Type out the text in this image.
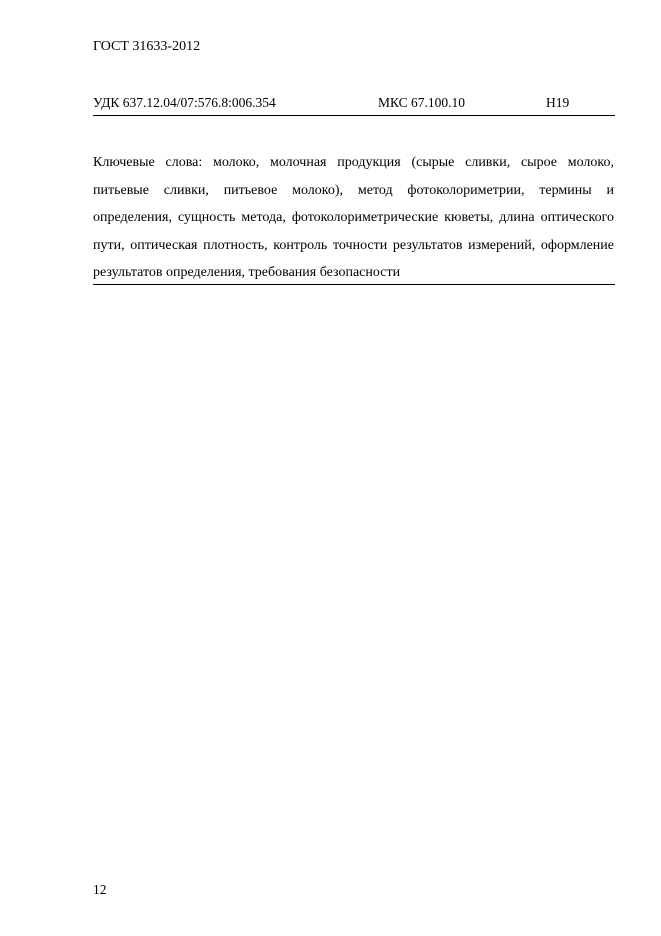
ГОСТ 31633-2012
УДК 637.12.04/07:576.8:006.354	МКС 67.100.10	Н19
Ключевые слова: молоко, молочная продукция (сырые сливки, сырое молоко, питьевые сливки, питьевое молоко), метод фотоколориметрии, термины и определения, сущность метода, фотоколориметрические кюветы, длина оптического пути, оптическая плотность, контроль точности результатов измерений, оформление результатов определения, требования безопасности
12
